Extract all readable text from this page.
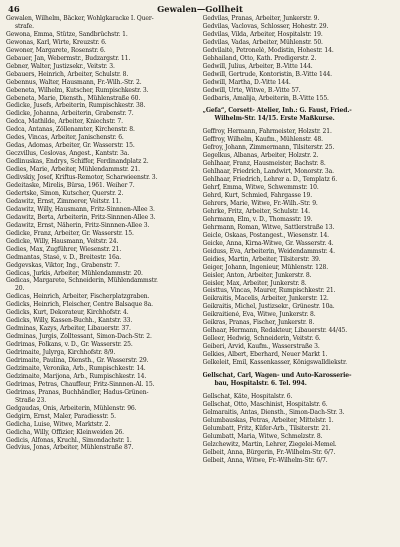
46	Gewalen—Gollheit
Gewalen, Wilhelm, Bäcker, Wohlgkaracke I. Quer-
strafe.
Gewona, Emma, Stütze, Sandbrüchstr. 1.
Gewonas, Karl, Wirte, Kreuzstr. 6.
Gewoner, Margarete, Rosenstr. 6.
Gebauer, Jan, Webermstr., Budzargstr. 11.
Gebner, Walter, Justizsekr., Veitstr. 3.
Gebauers, Heinrich, Arbeiter, Schulstr. 8.
Gebennus, Walter, Hausmann, Fr.-Wilh.-Str. 2.
Gebeneta, Wilhelm, Kutscher, Rumpischkestr. 3.
Gebeneta, Marie, Diensth., Mühlenstraße 60.
Gedicke, Jusefs, Arbeiterin, Rumpischkestr. 38.
Gedicke, Johanna, Arbeiterin, Grabenstr. 7.
Gedca, Mathilde, Arbeiter, Kniechstr. 7.
Gedca, Antanas, Zöllenamter, Kirchenstr. 8.
Gedes, Vincas, Arbeiter, Janischenstr. 6.
Gedas, Adomas, Arbeiter, Gr. Wasserstr. 15.
Geczvillus, Česlovas, Angest., Kantstr. 3a.
Gedlinuskas, Endrys, Schiffer, Ferdinandplatz 2.
Gedies, Marie, Arbeiter, Mühlendammstr. 21.
Gedivskiy, Josef, Kriftus-Remotor, Scharwieenstr. 3.
Gedeitaske, Mirelis, Bürsa, 1961. Weiher 7.
Gedertske, Simon, Kutscher, Querstr. 2.
Gedawitz, Ernst, Zimmerer, Veitstr. 11.
Gedawitz, Willy, Hausmann, Fritz-Sinnnen-Allee 3.
Gedawitz, Berta, Arbeiterin, Fritz-Sinnnen-Allee 3.
Gedawitz, Ernst, Näherin, Fritz-Sinnnen-Allee 3.
Gedicke, Franz, Arbeiter, Gr. Wasserstr. 15.
Gedicke, Willy, Hausmann, Veitstr. 24.
Gedies, Max, Zugführer, Wiesenstr. 21.
Gedmantas, Stasé, v. D., Breitestr. 16a.
Gedgevskas, Viktor, Ing., Grabenstr. 7.
Gedicas, Jurkis, Arbeiter, Mühlendammstr. 20.
Gedicas, Margarete, Schneiderin, Mühlendammstr.
20.
Gedicas, Heinrich, Arbeiter, Fischerplatzgraben.
Gedicks, Heinrich, Fleischer, Centre Balsaque 8a.
Gedicks, Kurt, Dekorateur, Kirchhofstr. 4.
Gedicks, Willy, Kassen-Buchh., Kantstr. 33.
Gedminas, Kazys, Arbeiter, Libauerstr. 37.
Gedminas, Jurgis, Zolltessant, Simon-Dach-Str. 2.
Gedrimas, Folkans, v. D., Gr. Wasserstr. 25.
Gedrimaite, Julyrga, Kirchhofstr. 8/9.
Gedrimaite, Paulina, Diensth., Gr. Wasserstr. 29.
Gedzimaite, Veronika, Arb., Rumpischkestr. 14.
Gedzimaite, Marijona, Arb., Rumpischkestr. 14.
Gedrimas, Petras, Chauffeur, Fritz-Sinnnen-Al. 15.
Gedrimas, Pranas, Buchhändler, Hadus-Grünen-
Straße 23.
Gedgaudas, Onis, Arbeiterin, Mühlenstr. 96.
Gedgirn, Ernst, Maler, Paradiesstr. 5.
Gedicha, Luise, Witwe, Marktstr. 2.
Gedicha, Willy, Offizier, Kleinweiden 26.
Gedicis, Alfonas, Kruchl., Simondachstr. 1.
Gedvius, Jonas, Arbeiter, Mühlenstraße 87.
Gedvilas, Pranas, Arbeiter, Junkerstr. 9.
Gedvilas, Vaclovas, Schlosser, Hohestr. 29.
Gedvilas, Vilda, Arbeiter, Hospitalstr. 19.
Gedvilas, Vadas, Arbeiter, Mühlenstr. 50.
Gedvilaitė, Petronelė, Modistin, Hohestr. 14.
Gebhailand, Otto, Kath. Predigerstr. 2.
Gedwill, Julius, Arbeiter, B.-Vitte 144.
Gedwill, Gertrude, Kontoristin, B.-Vitte 144.
Gedwill, Martha, D.-Vitte 144.
Gedwill, Urte, Witwe, B.-Vitte 57.
Gedbaris, Amalija, Arbeiterin, B.-Vitte 155.
„Gefa“, Corsett- Atelier, Inh.: G. Faust, Fried.-
Wilhelm-Str. 14/15. Erste Maßkurse.
Geffroy, Hermann, Fahrmeister, Holzstr. 21.
Geffroy, Wilhelm, Kaufm., Mühlenstr. 48.
Gefroy, Johann, Zimmermann, Tilsiterstr. 25.
Gegelkus, Albanas, Arbeiter, Holzstr. 2.
Gehlhaar, Franz, Hausmeister, Bachstr. 8.
Gehlhaar, Friedrich, Landwirt, Monorstr. 3a.
Gehlhaar, Friedrich, Lehrer a. D., Templatz 6.
Gehrf, Emma, Witwe, Schwemmstr. 10.
Gehrd, Kurt, Schmied, Fahrgasse 19.
Gehrers, Marie, Witwe, Fr.-Wilh.-Str. 9.
Gehrke, Fritz, Arbeiter, Schulstr. 14.
Gehrmann, Elm, v. D., Thomasstr. 19.
Gehrmann, Roman, Witwe, Sattlerstraße 13.
Geicle, Oskaas, Postangest., Wiesenstr. 14.
Geicke, Anna, Kirna-Witwe, Gr. Wasserstr. 4.
Geiduss, Eva, Arbeiterin, Weidendammstr. 4.
Geidies, Martin, Arbeiter, Tilsiterstr. 39.
Geiger, Johann, Ingenieur, Mühlenstr. 128.
Geisler, Anton, Arbeiter, Junkerstr. 8.
Geisler, Max, Arbeiter, Junkerstr. 8.
Geisttus, Vincas, Maurer, Rumpischkestr. 21.
Geikraitis, Macelis, Arbeiter, Junkerstr. 12.
Geikraitis, Michel, Justizsekr., Grünestr. 10a.
Geikraitienė, Eva, Witwe, Junkerstr. 8.
Geikras, Pranas, Fischer, Junkerstr. 8.
Gelhaar, Hermann, Redakteur, Libauerstr. 44/45.
Gelleer, Hedwig, Schneiderin, Veitstr. 6.
Geiberi, Arvid, Kaufm., Wasserstraße 3.
Gelkies, Albert, Eberhard, Neuer Markt 1.
Gelkeleit, Emil, Kassenkasser, Königswalldiekstr.
Gellschat, Carl, Wagen- und Auto-Karosserie-
bau, Hospitalstr. 6. Tel. 994.
Gellschat, Käte, Hospitalstr. 6.
Gellschat, Otto, Maschinist, Hospitalstr. 6.
Gelmaraitis, Antas, Diensth., Simon-Dach-Str. 3.
Gelumbauskas, Petras, Arbeiter, Mittelstr. 1.
Gelumbatt, Fritz, Küfer-Arb., Tilsiterstr. 21.
Gelumbatt, Maria, Witwe, Schmelzstr. 8.
Gelzchewitz, Martin, Lehrer, Ziegelei-Memel.
Gelbeit, Anna, Bürgerin, Fr.-Wilhelm-Str. 6/7.
Gelbeit, Anna, Witwe, Fr.-Wilhelm-Str. 6/7.
